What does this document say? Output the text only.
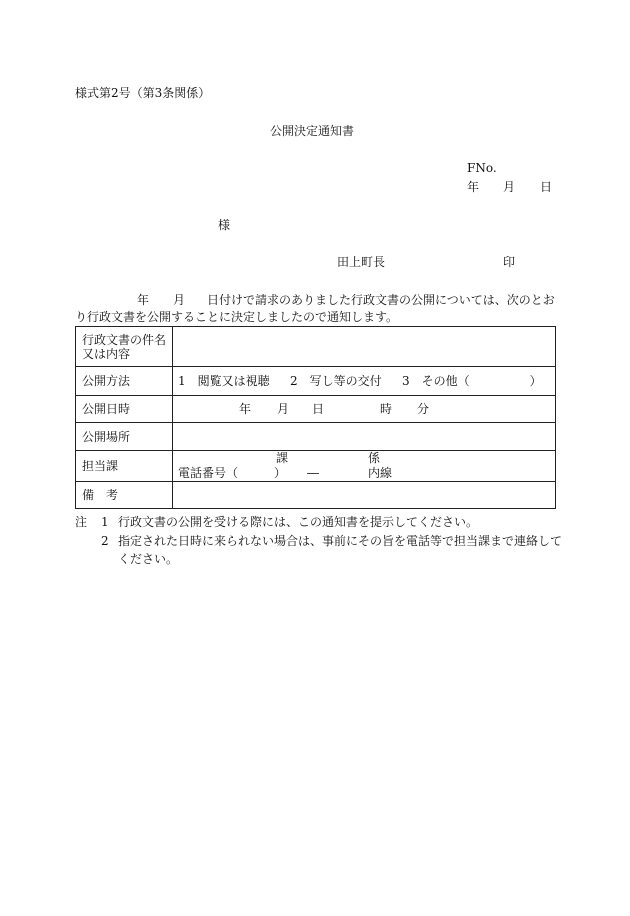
様式第2号（第3条関係）
公開決定通知書
FNo.
年 月 日
様
田上町長	印
年 月 日付けで請求のありました行政文書の公開については、次のとお
り行政文書を公開することに決定しましたので通知します。
行政文書の件名
又は内容	

公開方法	1　閲覧又は視聴 2　写し等の交付 3　その他（　　　　　）

公開日時	年 月 日 時 分

公開場所	
担当課	課 係
電話番号（　　　） ― 内線

備　考	
注 1 行政文書の公開を受ける際には、この通知書を提示してください。
2 指定された日時に来られない場合は、事前にその旨を電話等で担当課まで連絡して
ください。
